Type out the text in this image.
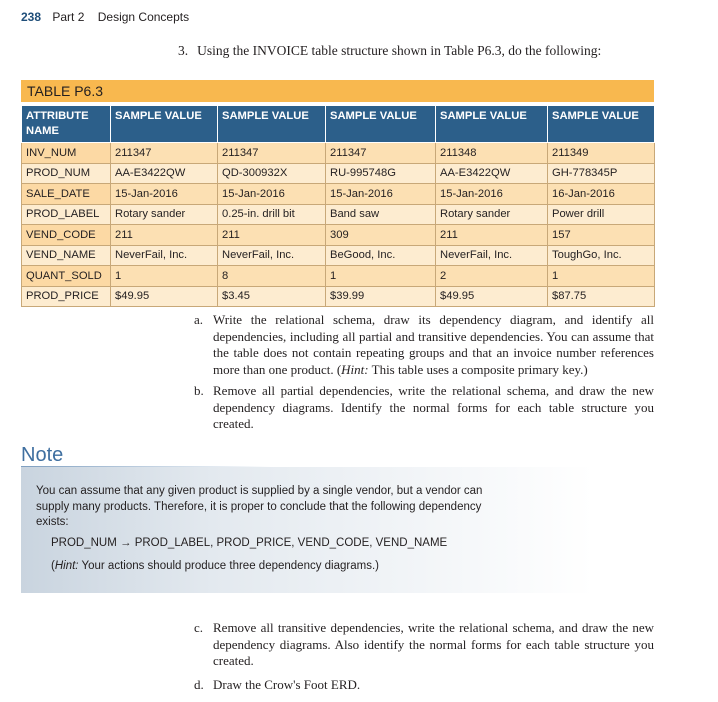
238 Part 2 Design Concepts
3. Using the INVOICE table structure shown in Table P6.3, do the following:
TABLE P6.3
ATTRIBUTE NAME	SAMPLE VALUE	SAMPLE VALUE	SAMPLE VALUE	SAMPLE VALUE	SAMPLE VALUE
INV_NUM	211347	211347	211347	211348	211349
PROD_NUM	AA-E3422QW	QD-300932X	RU-995748G	AA-E3422QW	GH-778345P
SALE_DATE	15-Jan-2016	15-Jan-2016	15-Jan-2016	15-Jan-2016	16-Jan-2016
PROD_LABEL	Rotary sander	0.25-in. drill bit	Band saw	Rotary sander	Power drill
VEND_CODE	211	211	309	211	157
VEND_NAME	NeverFail, Inc.	NeverFail, Inc.	BeGood, Inc.	NeverFail, Inc.	ToughGo, Inc.
QUANT_SOLD	1	8	1	2	1
PROD_PRICE	$49.95	$3.45	$39.99	$49.95	$87.75
a. Write the relational schema, draw its dependency diagram, and identify all dependencies, including all partial and transitive dependencies. You can assume that the table does not contain repeating groups and that an invoice number references more than one product. (Hint: This table uses a composite primary key.)
b. Remove all partial dependencies, write the relational schema, and draw the new dependency diagrams. Identify the normal forms for each table structure you created.
Note
You can assume that any given product is supplied by a single vendor, but a vendor can supply many products. Therefore, it is proper to conclude that the following dependency exists:
PROD_NUM → PROD_LABEL, PROD_PRICE, VEND_CODE, VEND_NAME
(Hint: Your actions should produce three dependency diagrams.)
c. Remove all transitive dependencies, write the relational schema, and draw the new dependency diagrams. Also identify the normal forms for each table structure you created.
d. Draw the Crow's Foot ERD.
